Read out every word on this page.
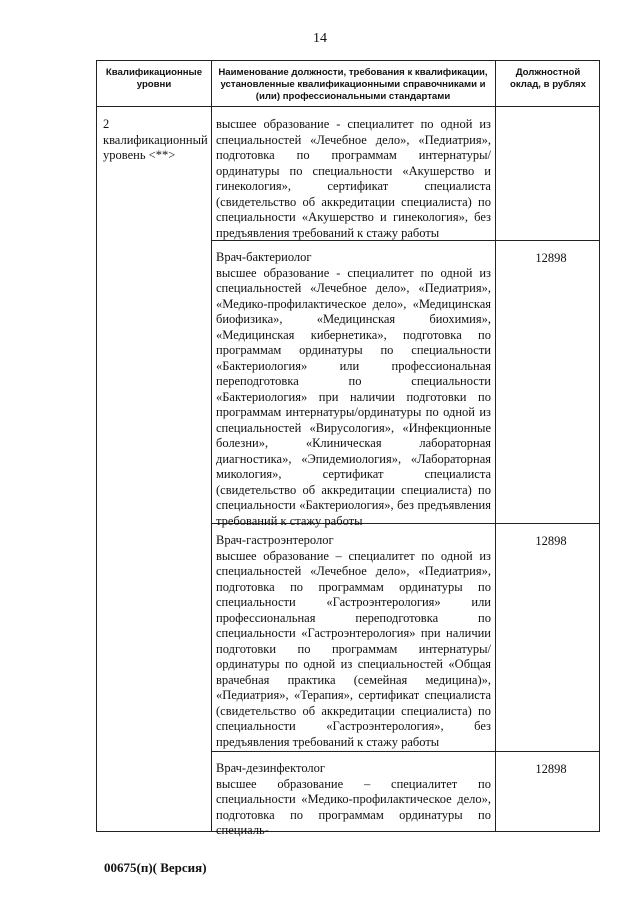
14
Квалификационные уровни
Наименование должности, требования к квалификации, установленные квалификационными справочниками и (или) профессиональными стандартами
Должностной оклад, в рублях
2 квалификационный уровень <**>
высшее образование - специалитет по одной из специальностей «Лечебное дело», «Педиатрия», подготовка по программам интернатуры/ординатуры по специальности «Акушерство и гинекология», сертификат специалиста (свидетельство об аккредитации специалиста) по специальности «Акушерство и гинекология», без предъявления требований к стажу работы
Врач-бактериолог
высшее образование - специалитет по одной из специальностей «Лечебное дело», «Педиатрия», «Медико-профилактическое дело», «Медицинская биофизика», «Медицинская биохимия», «Медицинская кибернетика», подготовка по программам ординатуры по специальности «Бактериология» или профессиональная переподготовка по специальности «Бактериология» при наличии подготовки по программам интернатуры/ординатуры по одной из специальностей «Вирусология», «Инфекционные болезни», «Клиническая лабораторная диагностика», «Эпидемиология», «Лабораторная микология», сертификат специалиста (свидетельство об аккредитации специалиста) по специальности «Бактериология», без предъявления требований к стажу работы
12898
Врач-гастроэнтеролог
высшее образование – специалитет по одной из специальностей «Лечебное дело», «Педиатрия», подготовка по программам ординатуры по специальности «Гастроэнтерология» или профессиональная переподготовка по специальности «Гастроэнтерология» при наличии подготовки по программам интернатуры/ординатуры по одной из специальностей «Общая врачебная практика (семейная медицина)», «Педиатрия», «Терапия», сертификат специалиста (свидетельство об аккредитации специалиста) по специальности «Гастроэнтерология», без предъявления требований к стажу работы
12898
Врач-дезинфектолог
высшее образование – специалитет по специальности «Медико-профилактическое дело», подготовка по программам ординатуры по специаль-
12898
00675(п)( Версия)
